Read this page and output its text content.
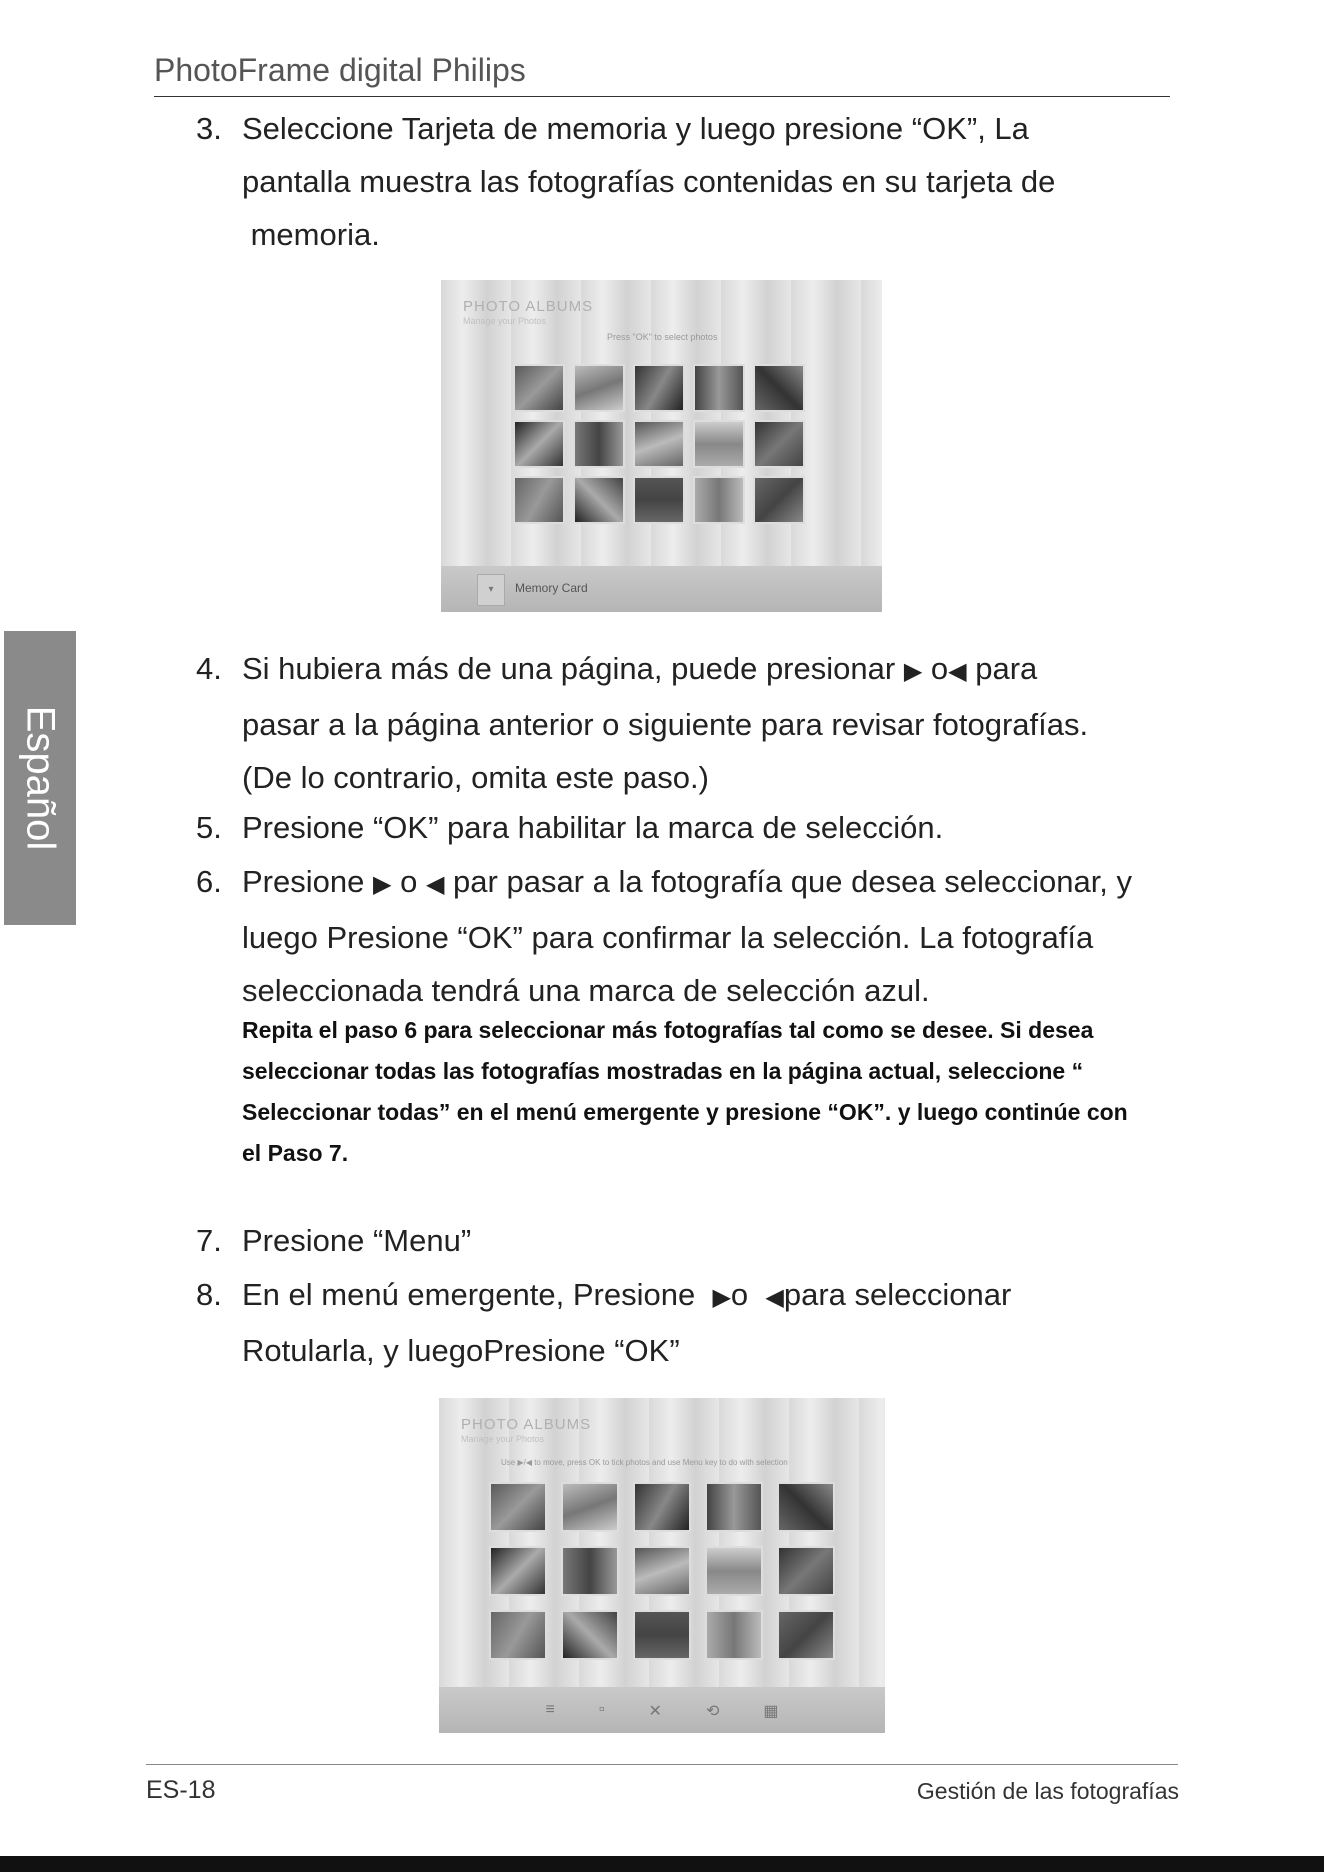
PhotoFrame digital Philips
Español
3. Seleccione Tarjeta de memoria y luego presione “OK”, La
pantalla muestra las fotografías contenidas en su tarjeta de
memoria.
PHOTO ALBUMS
Manage your Photos
Press "OK" to select photos
▾	Memory Card
4. Si hubiera más de una página, puede presionar ▶ o◀ para
pasar a la página anterior o siguiente para revisar fotografías.
(De lo contrario, omita este paso.)
5. Presione “OK” para habilitar la marca de selección.
6. Presione ▶ o ◀ par pasar a la fotografía que desea seleccionar, y
luego Presione “OK” para confirmar la selección. La fotografía
seleccionada tendrá una marca de selección azul.
Repita el paso 6 para seleccionar más fotografías tal como se desee. Si desea
seleccionar todas las fotografías mostradas en la página actual, seleccione “
Seleccionar todas” en el menú emergente y presione “OK”. y luego continúe con
el Paso 7.
7. Presione “Menu”
8. En el menú emergente, Presione ▶o ◀para seleccionar
Rotularla, y luegoPresione “OK”
PHOTO ALBUMS
Manage your Photos
Use ▶/◀ to move, press OK to tick photos and use Menu key to do with selection
≡	▫	✕	⟲	▦
ES-18	Gestión de las fotografías
